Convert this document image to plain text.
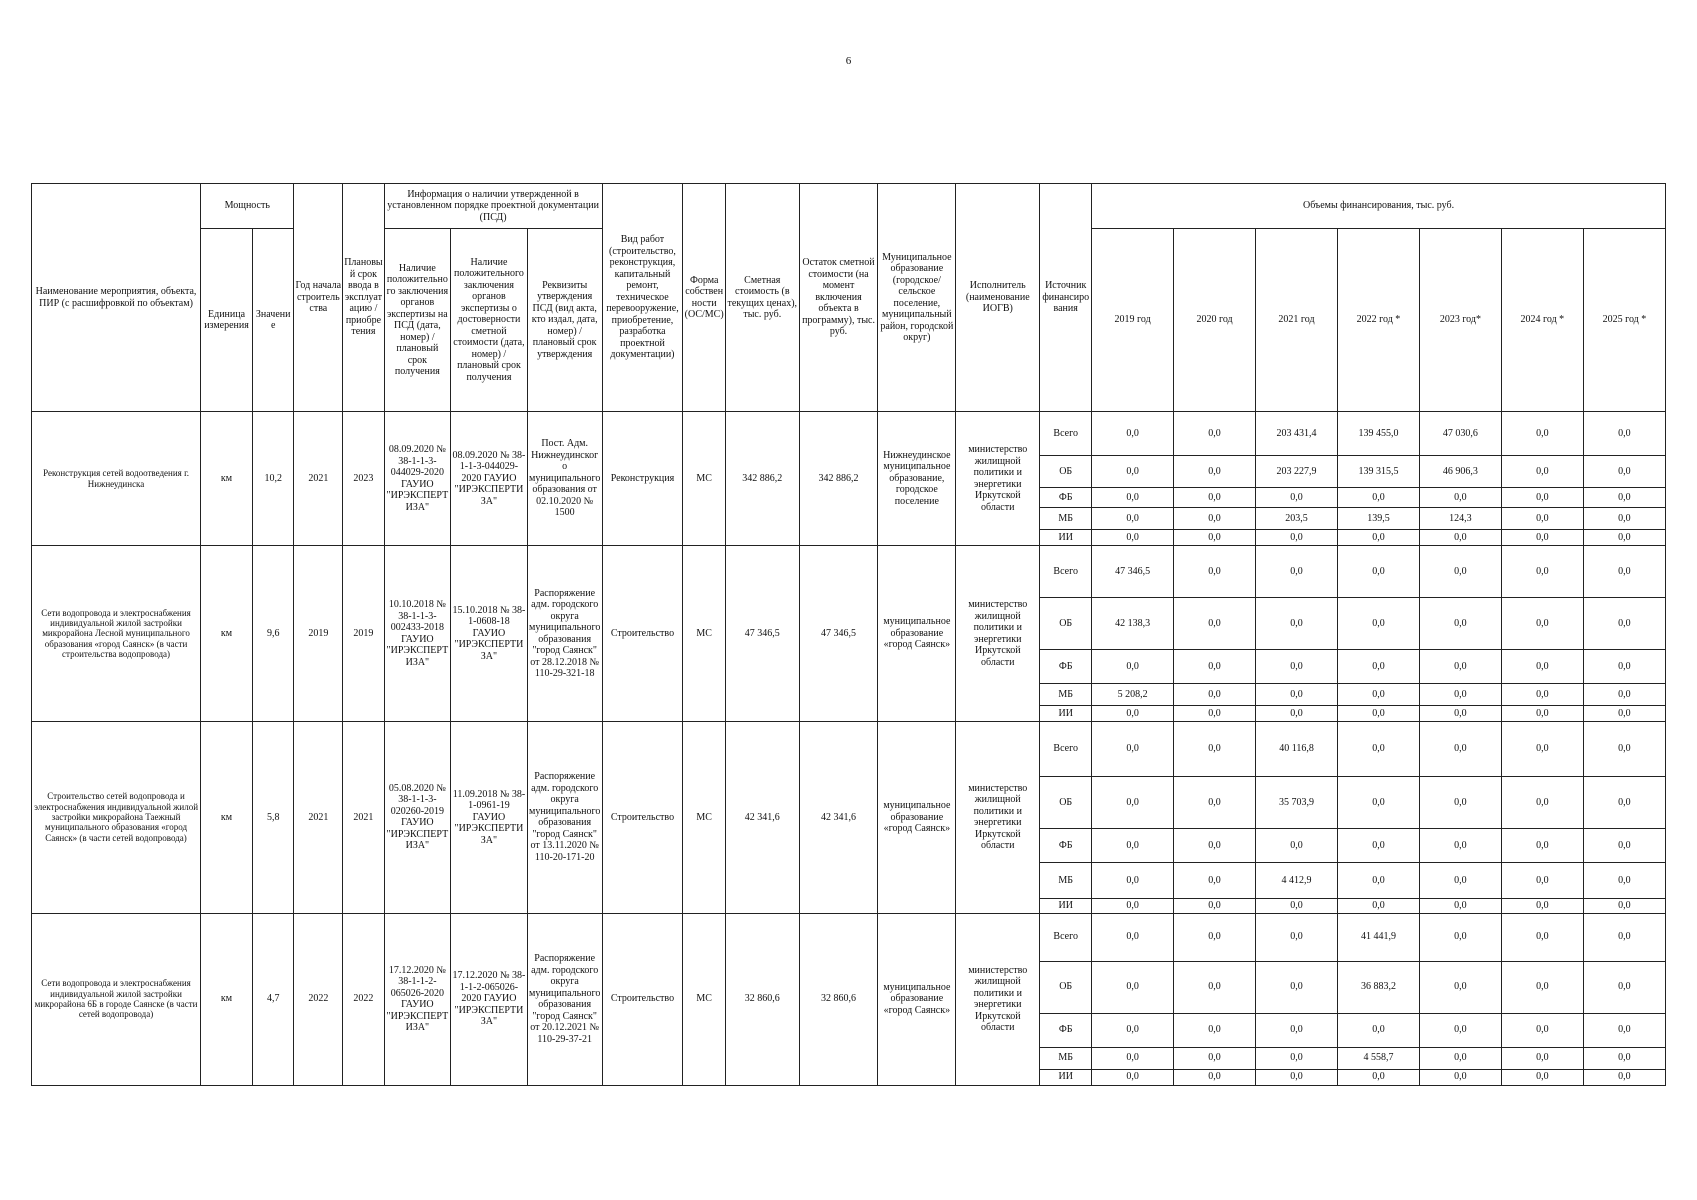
6
Наименование мероприятия, объекта, ПИР (с расшифровкой по объектам)	Мощность		Год начала строительства	Плановый срок ввода в эксплуатацию / приобретения	Информация о наличии утвержденной в установленном порядке проектной документации (ПСД)			Вид работ (строительство, реконструкция, капитальный ремонт, техническое перевооружение, приобретение, разработка проектной документации)	Форма собственности (ОС/МС)	Сметная стоимость (в текущих ценах), тыс. руб.	Остаток сметной стоимости (на момент включения объекта в программу), тыс. руб.	Муниципальное образование (городское/сельское поселение, муниципальный район, городской округ)	Исполнитель (наименование ИОГВ)	Источник финансирования	Объемы финансирования, тыс. руб.						
	Единица измерения	Значение			Наличие положительного заключения органов экспертизы на ПСД (дата, номер) / плановый срок получения	Наличие положительного заключения органов экспертизы о достоверности сметной стоимости (дата, номер) / плановый срок получения	Реквизиты утверждения ПСД (вид акта, кто издал, дата, номер) / плановый срок утверждения								2019 год	2020 год	2021 год	2022 год *	2023 год*	2024 год *	2025 год *
Реконструкция сетей водоотведения г. Нижнеудинска	км	10,2	2021	2023	08.09.2020 № 38-1-1-3-044029-2020 ГАУИО "ИРЭКСПЕРТИЗА"	08.09.2020 № 38-1-1-3-044029-2020 ГАУИО "ИРЭКСПЕРТИЗА"	Пост. Адм. Нижнеудинского муниципального образования от 02.10.2020 № 1500	Реконструкция	МС	342 886,2	342 886,2	Нижнеудинское муниципальное образование, городское поселение	министерство жилищной политики и энергетики Иркутской области	Всего	0,0	0,0	203 431,4	139 455,0	47 030,6	0,0	0,0
														ОБ	0,0	0,0	203 227,9	139 315,5	46 906,3	0,0	0,0
														ФБ	0,0	0,0	0,0	0,0	0,0	0,0	0,0
														МБ	0,0	0,0	203,5	139,5	124,3	0,0	0,0
														ИИ	0,0	0,0	0,0	0,0	0,0	0,0	0,0
Сети водопровода и электроснабжения индивидуальной жилой застройки микрорайона Лесной муниципального образования «город Саянск» (в части строительства водопровода)	км	9,6	2019	2019	10.10.2018 № 38-1-1-3-002433-2018 ГАУИО "ИРЭКСПЕРТИЗА"	15.10.2018 № 38-1-0608-18 ГАУИО "ИРЭКСПЕРТИЗА"	Распоряжение адм. городского округа муниципального образования "город Саянск" от 28.12.2018 № 110-29-321-18	Строительство	МС	47 346,5	47 346,5	муниципальное образование «город Саянск»	министерство жилищной политики и энергетики Иркутской области	Всего	47 346,5	0,0	0,0	0,0	0,0	0,0	0,0
														ОБ	42 138,3	0,0	0,0	0,0	0,0	0,0	0,0
														ФБ	0,0	0,0	0,0	0,0	0,0	0,0	0,0
														МБ	5 208,2	0,0	0,0	0,0	0,0	0,0	0,0
														ИИ	0,0	0,0	0,0	0,0	0,0	0,0	0,0
Строительство сетей водопровода и электроснабжения индивидуальной жилой застройки микрорайона Таежный муниципального образования «город Саянск» (в части сетей водопровода)	км	5,8	2021	2021	05.08.2020 № 38-1-1-3-020260-2019 ГАУИО "ИРЭКСПЕРТИЗА"	11.09.2018 № 38-1-0961-19 ГАУИО "ИРЭКСПЕРТИЗА"	Распоряжение адм. городского округа муниципального образования "город Саянск" от 13.11.2020 № 110-20-171-20	Строительство	МС	42 341,6	42 341,6	муниципальное образование «город Саянск»	министерство жилищной политики и энергетики Иркутской области	Всего	0,0	0,0	40 116,8	0,0	0,0	0,0	0,0
														ОБ	0,0	0,0	35 703,9	0,0	0,0	0,0	0,0
														ФБ	0,0	0,0	0,0	0,0	0,0	0,0	0,0
														МБ	0,0	0,0	4 412,9	0,0	0,0	0,0	0,0
														ИИ	0,0	0,0	0,0	0,0	0,0	0,0	0,0
Сети водопровода и электроснабжения индивидуальной жилой застройки микрорайона 6Б в городе Саянске (в части сетей водопровода)	км	4,7	2022	2022	17.12.2020 № 38-1-1-2-065026-2020 ГАУИО "ИРЭКСПЕРТИЗА"	17.12.2020 № 38-1-1-2-065026-2020 ГАУИО "ИРЭКСПЕРТИЗА"	Распоряжение адм. городского округа муниципального образования "город Саянск" от 20.12.2021 № 110-29-37-21	Строительство	МС	32 860,6	32 860,6	муниципальное образование «город Саянск»	министерство жилищной политики и энергетики Иркутской области	Всего	0,0	0,0	0,0	41 441,9	0,0	0,0	0,0
														ОБ	0,0	0,0	0,0	36 883,2	0,0	0,0	0,0
														ФБ	0,0	0,0	0,0	0,0	0,0	0,0	0,0
														МБ	0,0	0,0	0,0	4 558,7	0,0	0,0	0,0
														ИИ	0,0	0,0	0,0	0,0	0,0	0,0	0,0
